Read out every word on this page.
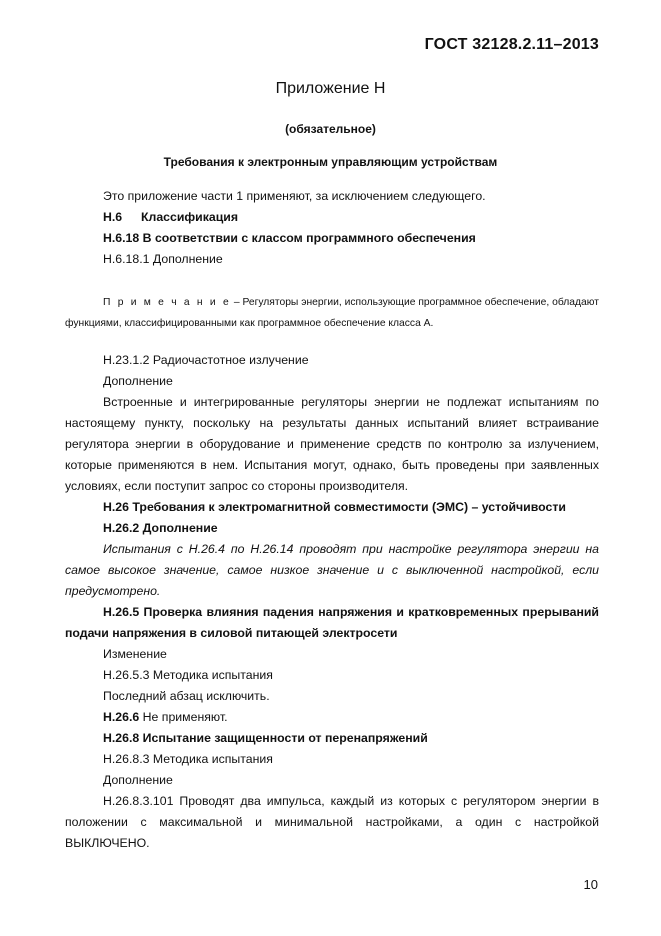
ГОСТ 32128.2.11–2013
Приложение Н
(обязательное)
Требования к электронным управляющим устройствам
Это приложение части 1 применяют, за исключением следующего.
Н.6 Классификация
Н.6.18 В соответствии с классом программного обеспечения
Н.6.18.1 Дополнение
П р и м е ч а н и е – Регуляторы энергии, использующие программное обеспечение, обладают
функциями, классифицированными как программное обеспечение класса А.
Н.23.1.2 Радиочастотное излучение
Дополнение
Встроенные и интегрированные регуляторы энергии не подлежат испытаниям по
настоящему пункту, поскольку на результаты данных испытаний влияет встраивание
регулятора энергии в оборудование и применение средств по контролю за излучением,
которые применяются в нем. Испытания могут, однако, быть проведены при заявленных
условиях, если поступит запрос со стороны производителя.
Н.26 Требования к электромагнитной совместимости (ЭМС) – устойчивости
Н.26.2 Дополнение
Испытания с Н.26.4 по Н.26.14 проводят при настройке регулятора энергии на
самое высокое значение, самое низкое значение и с выключенной настройкой, если
предусмотрено.
Н.26.5 Проверка влияния падения напряжения и кратковременных прерываний
подачи напряжения в силовой питающей электросети
Изменение
Н.26.5.3 Методика испытания
Последний абзац исключить.
Н.26.6 Не применяют.
Н.26.8 Испытание защищенности от перенапряжений
Н.26.8.3 Методика испытания
Дополнение
Н.26.8.3.101 Проводят два импульса, каждый из которых с регулятором энергии в
положении с максимальной и минимальной настройками, а один с настройкой
ВЫКЛЮЧЕНО.
10
